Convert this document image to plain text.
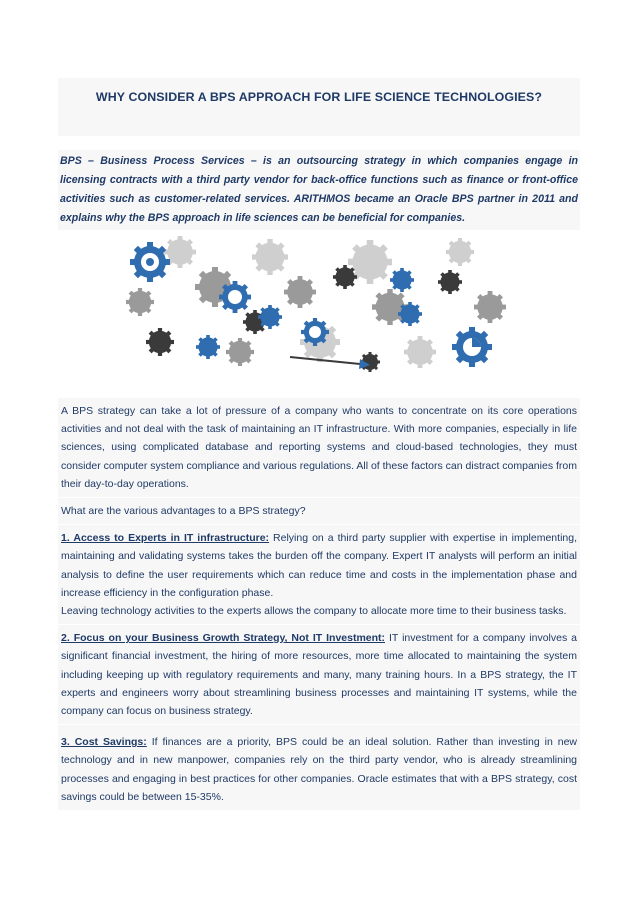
WHY CONSIDER A BPS APPROACH FOR LIFE SCIENCE TECHNOLOGIES?

BPS – Business Process Services – is an outsourcing strategy in which companies engage in licensing contracts with a third party vendor for back-office functions such as finance or front-office activities such as customer-related services. ARITHMOS became an Oracle BPS partner in 2011 and explains why the BPS approach in life sciences can be beneficial for companies.

A BPS strategy can take a lot of pressure of a company who wants to concentrate on its core operations activities and not deal with the task of maintaining an IT infrastructure. With more companies, especially in life sciences, using complicated database and reporting systems and cloud-based technologies, they must consider computer system compliance and various regulations. All of these factors can distract companies from their day-to-day operations.

What are the various advantages to a BPS strategy?

1. Access to Experts in IT infrastructure: Relying on a third party supplier with expertise in implementing, maintaining and validating systems takes the burden off the company. Expert IT analysts will perform an initial analysis to define the user requirements which can reduce time and costs in the implementation phase and increase efficiency in the configuration phase.
Leaving technology activities to the experts allows the company to allocate more time to their business tasks.

2. Focus on your Business Growth Strategy, Not IT Investment: IT investment for a company involves a significant financial investment, the hiring of more resources, more time allocated to maintaining the system including keeping up with regulatory requirements and many, many training hours. In a BPS strategy, the IT experts and engineers worry about streamlining business processes and maintaining IT systems, while the company can focus on business strategy.

3. Cost Savings: If finances are a priority, BPS could be an ideal solution. Rather than investing in new technology and in new manpower, companies rely on the third party vendor, who is already streamlining processes and engaging in best practices for other companies. Oracle estimates that with a BPS strategy, cost savings could be between 15-35%.
